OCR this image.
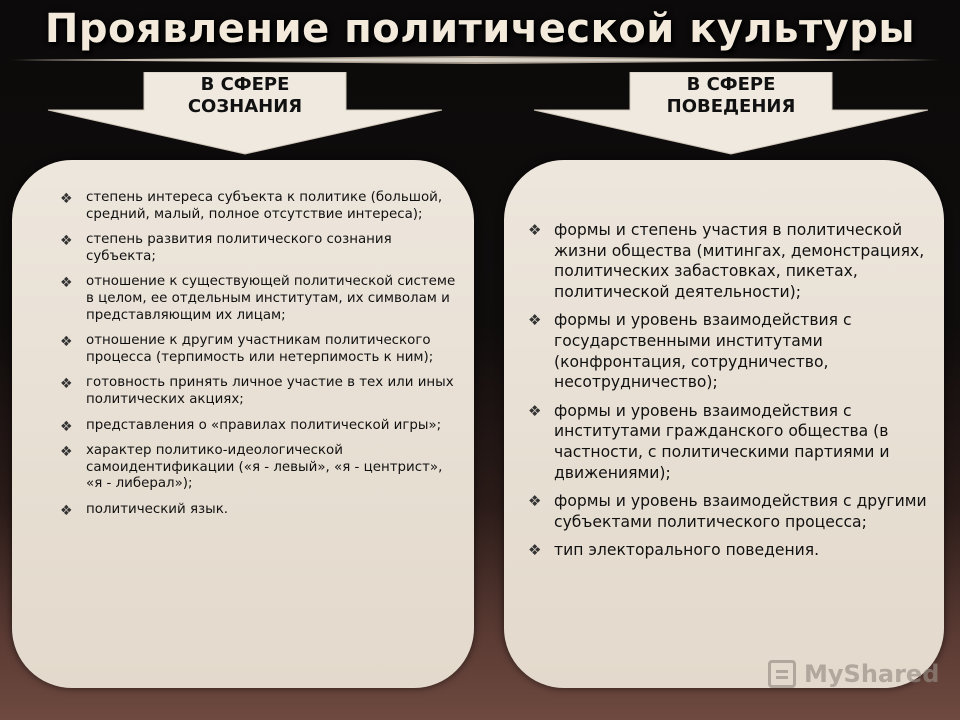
Проявление политической культуры
В СФЕРЕ
СОЗНАНИЯ
В СФЕРЕ
ПОВЕДЕНИЯ
❖ степень интереса субъекта к политике (большой, средний, малый, полное отсутствие интереса);
❖ степень развития политического сознания субъекта;
❖ отношение к существующей политической системе в целом, ее отдельным институтам, их символам и представляющим их лицам;
❖ отношение к другим участникам политического процесса (терпимость или нетерпимость к ним);
❖ готовность принять личное участие в тех или иных политических акциях;
❖ представления о «правилах политической игры»;
❖ характер политико-идеологической самоидентификации («я - левый», «я - центрист», «я - либерал»);
❖ политический язык.
❖ формы и степень участия в политической жизни общества (митингах, демонстрациях, политических забастовках, пикетах, политической деятельности);
❖ формы и уровень взаимодействия с государственными институтами (конфронтация, сотрудничество, несотрудничество);
❖ формы и уровень взаимодействия с институтами гражданского общества (в частности, с политическими партиями и движениями);
❖ формы и уровень взаимодействия с другими субъектами политического процесса;
❖ тип электорального поведения.
MyShared
